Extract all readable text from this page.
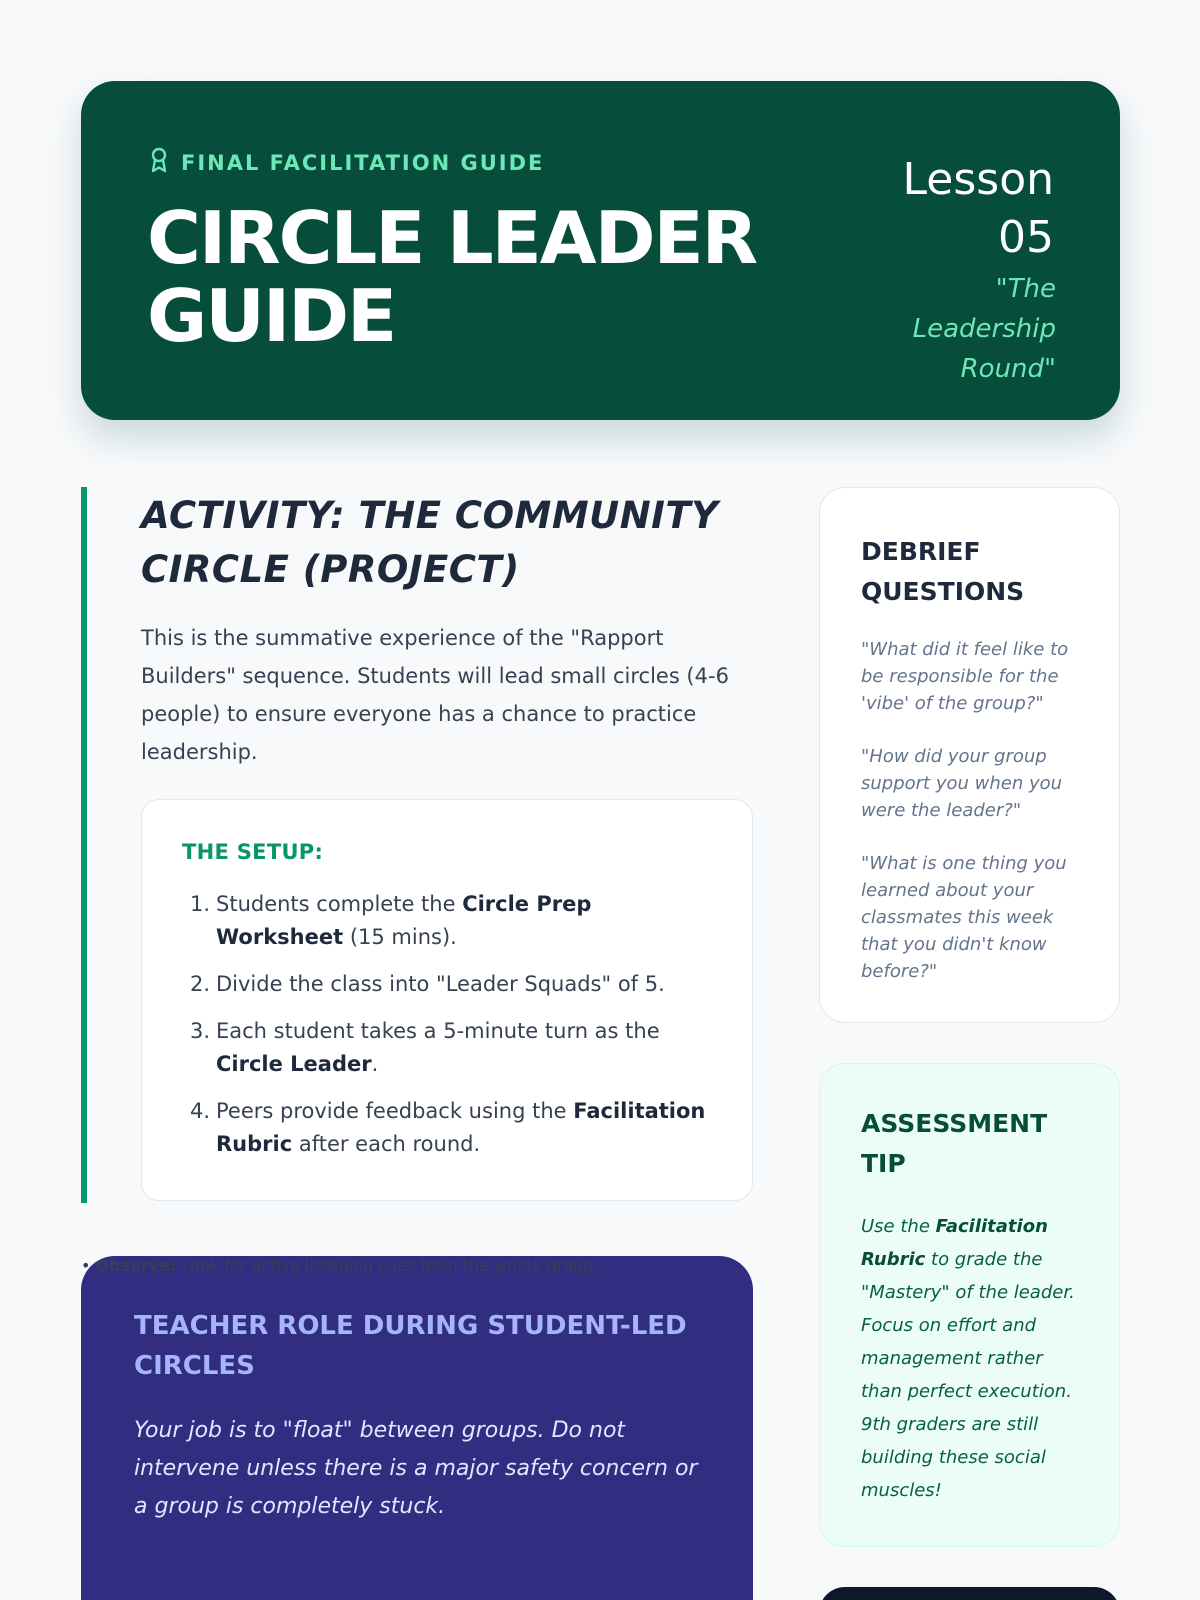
FINAL FACILITATION GUIDE
CIRCLE LEADER GUIDE
Lesson
05
"The Leadership Round"
ACTIVITY: THE COMMUNITY CIRCLE (PROJECT)

This is the summative experience of the "Rapport Builders" sequence. Students will lead small circles (4-6 people) to ensure everyone has a chance to practice leadership.

THE SETUP:
1. Students complete the Circle Prep Worksheet (15 mins).
2. Divide the class into "Leader Squads" of 5.
3. Each student takes a 5-minute turn as the Circle Leader.
4. Peers provide feedback using the Facilitation Rubric after each round.
TEACHER ROLE DURING STUDENT-LED CIRCLES

Your job is to "float" between groups. Do not intervene unless there is a major safety concern or a group is completely stuck.

• Observe: Look for active listening cues from the whole group.

DEBRIEF QUESTIONS

"What did it feel like to be responsible for the 'vibe' of the group?"

"How did your group support you when you were the leader?"

"What is one thing you learned about your classmates this week that you didn't know before?"

ASSESSMENT TIP

Use the Facilitation Rubric to grade the "Mastery" of the leader. Focus on effort and management rather than perfect execution. 9th graders are still building these social muscles!
